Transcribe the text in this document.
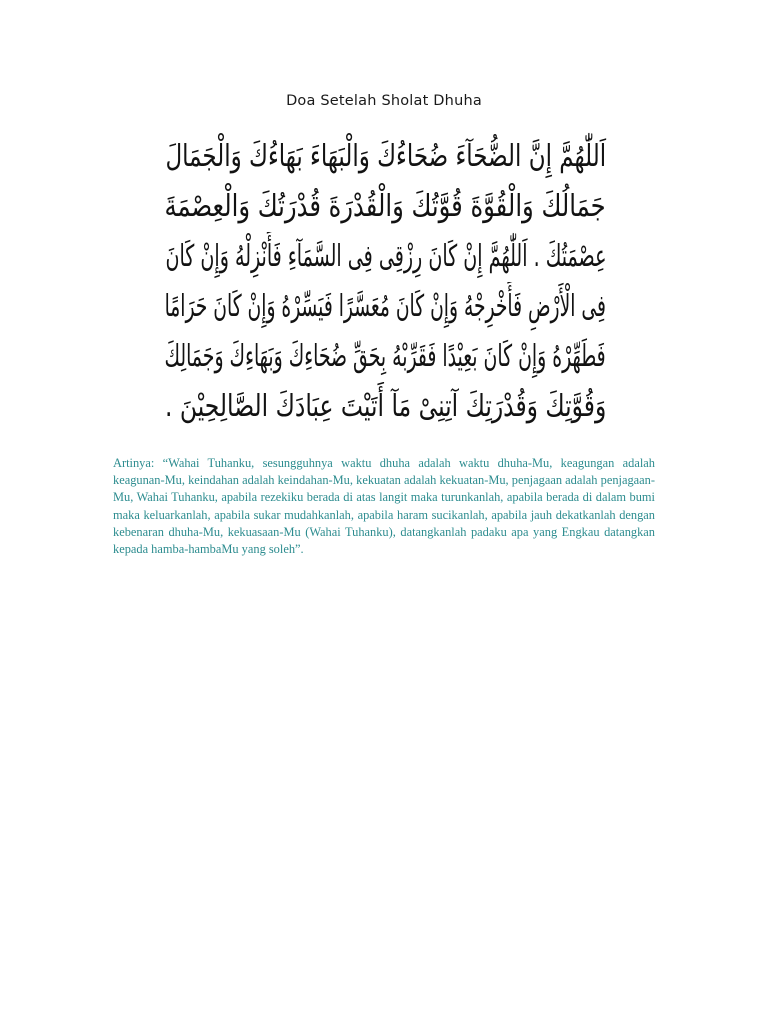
Doa Setelah Sholat Dhuha
اَللّٰهُمَّ إِنَّ الضُّحَآءَ ضُحَاءُكَ وَالْبَهَاءَ بَهَاءُكَ وَالْجَمَالَ
جَمَالُكَ وَالْقُوَّةَ قُوَّتُكَ وَالْقُدْرَةَ قُدْرَتُكَ وَالْعِصْمَةَ
عِصْمَتُكَ . اَللّٰهُمَّ إِنْ كَانَ رِزْقِى فِى السَّمَآءِ فَأَنْزِلْهُ وَإِنْ كَانَ
فِى الْأَرْضِ فَأَخْرِجْهُ وَإِنْ كَانَ مُعَسَّرًا فَيَسِّرْهُ وَإِنْ كَانَ حَرَامًا
فَطَهِّرْهُ وَإِنْ كَانَ بَعِيْدًا فَقَرِّبْهُ بِحَقِّ ضُحَاءِكَ وَبَهَاءِكَ وَجَمَالِكَ
وَقُوَّتِكَ وَقُدْرَتِكَ آتِنِىْ مَآ أَتَيْتَ عِبَادَكَ الصَّالِحِيْنَ .
Artinya: “Wahai Tuhanku, sesungguhnya waktu dhuha adalah waktu dhuha-Mu, keagungan adalah keagunan-Mu, keindahan adalah keindahan-Mu, kekuatan adalah kekuatan-Mu, penjagaan adalah penjagaan-Mu, Wahai Tuhanku, apabila rezekiku berada di atas langit maka turunkanlah, apabila berada di dalam bumi maka keluarkanlah, apabila sukar mudahkanlah, apabila haram sucikanlah, apabila jauh dekatkanlah dengan kebenaran dhuha-Mu, kekuasaan-Mu (Wahai Tuhanku), datangkanlah padaku apa yang Engkau datangkan kepada hamba-hambaMu yang soleh”.
